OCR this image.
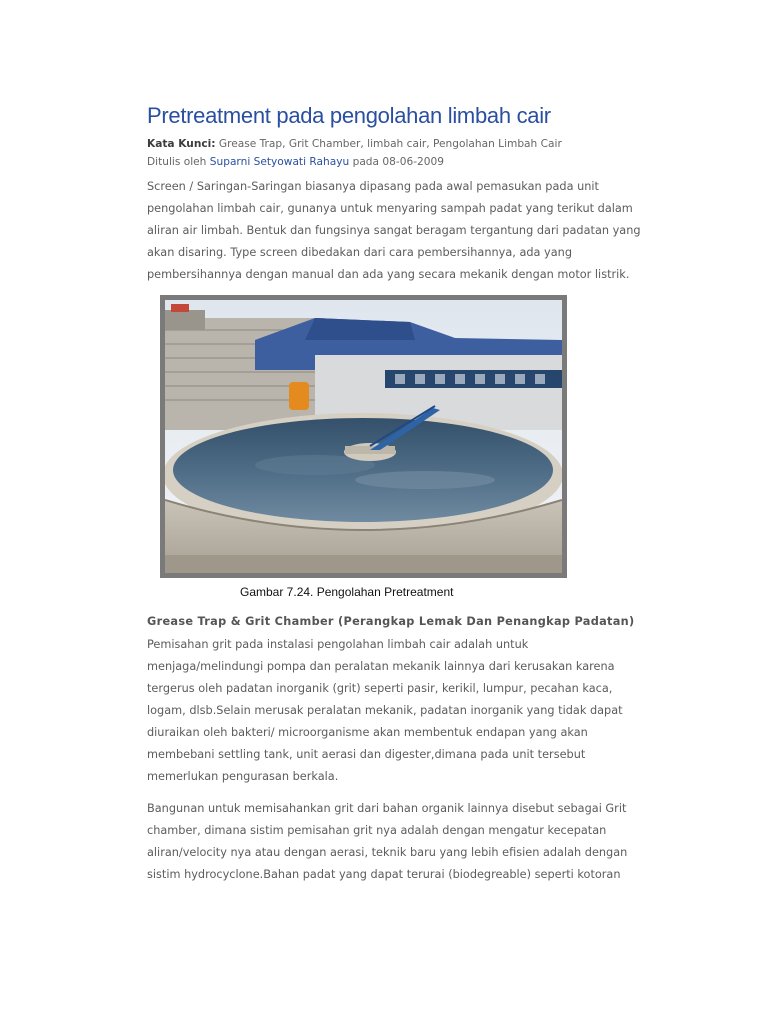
Pretreatment pada pengolahan limbah cair
Kata Kunci: Grease Trap, Grit Chamber, limbah cair, Pengolahan Limbah Cair
Ditulis oleh Suparni Setyowati Rahayu pada 08-06-2009
Screen / Saringan-Saringan biasanya dipasang pada awal pemasukan pada unit
pengolahan limbah cair, gunanya untuk menyaring sampah padat yang terikut dalam
aliran air limbah. Bentuk dan fungsinya sangat beragam tergantung dari padatan yang
akan disaring. Type screen dibedakan dari cara pembersihannya, ada yang
pembersihannya dengan manual dan ada yang secara mekanik dengan motor listrik.
Grease Trap & Grit Chamber (Perangkap Lemak Dan Penangkap Padatan)
Pemisahan grit pada instalasi pengolahan limbah cair adalah untuk
menjaga/melindungi pompa dan peralatan mekanik lainnya dari kerusakan karena
tergerus oleh padatan inorganik (grit) seperti pasir, kerikil, lumpur, pecahan kaca,
logam, dlsb.Selain merusak peralatan mekanik, padatan inorganik yang tidak dapat
diuraikan oleh bakteri/ microorganisme akan membentuk endapan yang akan
membebani settling tank, unit aerasi dan digester,dimana pada unit tersebut
memerlukan pengurasan berkala.
Bangunan untuk memisahankan grit dari bahan organik lainnya disebut sebagai Grit
chamber, dimana sistim pemisahan grit nya adalah dengan mengatur kecepatan
aliran/velocity nya atau dengan aerasi, teknik baru yang lebih efisien adalah dengan
sistim hydrocyclone.Bahan padat yang dapat terurai (biodegreable) seperti kotoran
Gambar 7.24. Pengolahan Pretreatment
